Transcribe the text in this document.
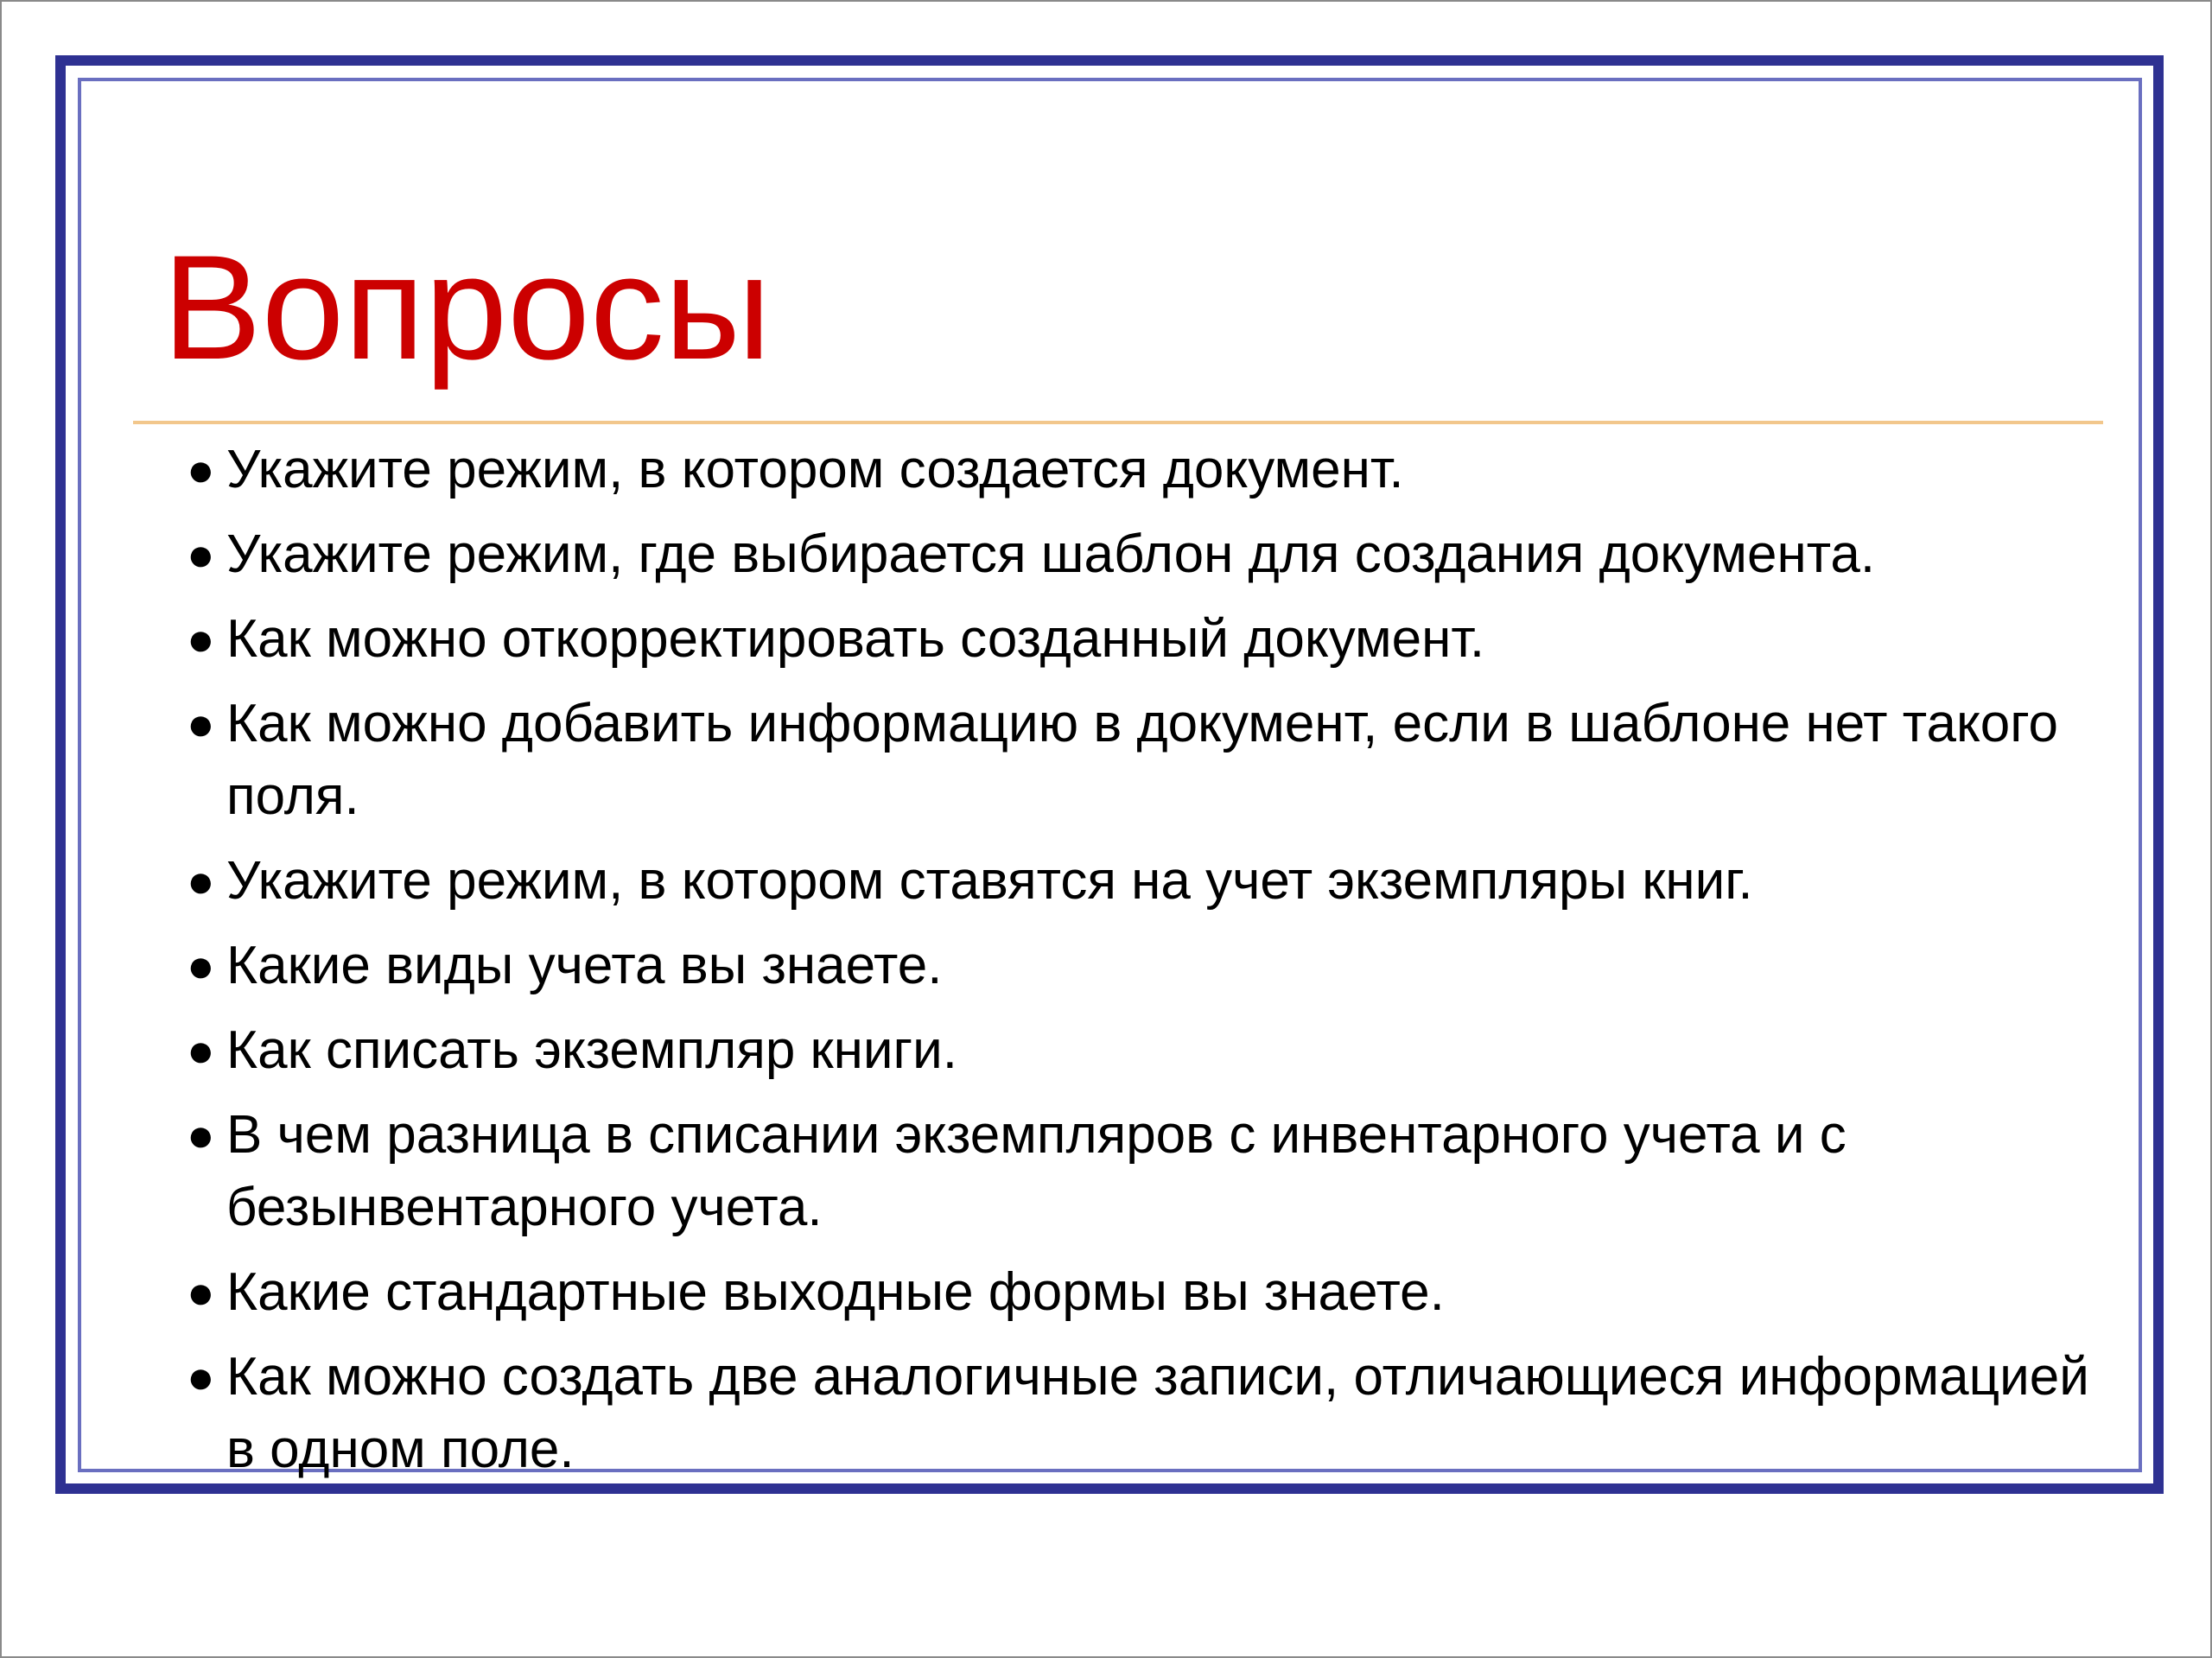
Вопросы
● Укажите режим, в котором создается документ.
● Укажите режим, где выбирается шаблон для создания документа.
● Как можно откорректировать созданный документ.
● Как можно добавить информацию в документ, если в шаблоне нет такого поля.
● Укажите режим, в котором ставятся на учет экземпляры книг.
● Какие виды учета вы знаете.
● Как списать экземпляр книги.
● В чем разница в списании экземпляров с инвентарного учета и с безынвентарного учета.
● Какие стандартные выходные формы вы знаете.
● Как можно создать две аналогичные записи, отличающиеся информацией в одном поле.
